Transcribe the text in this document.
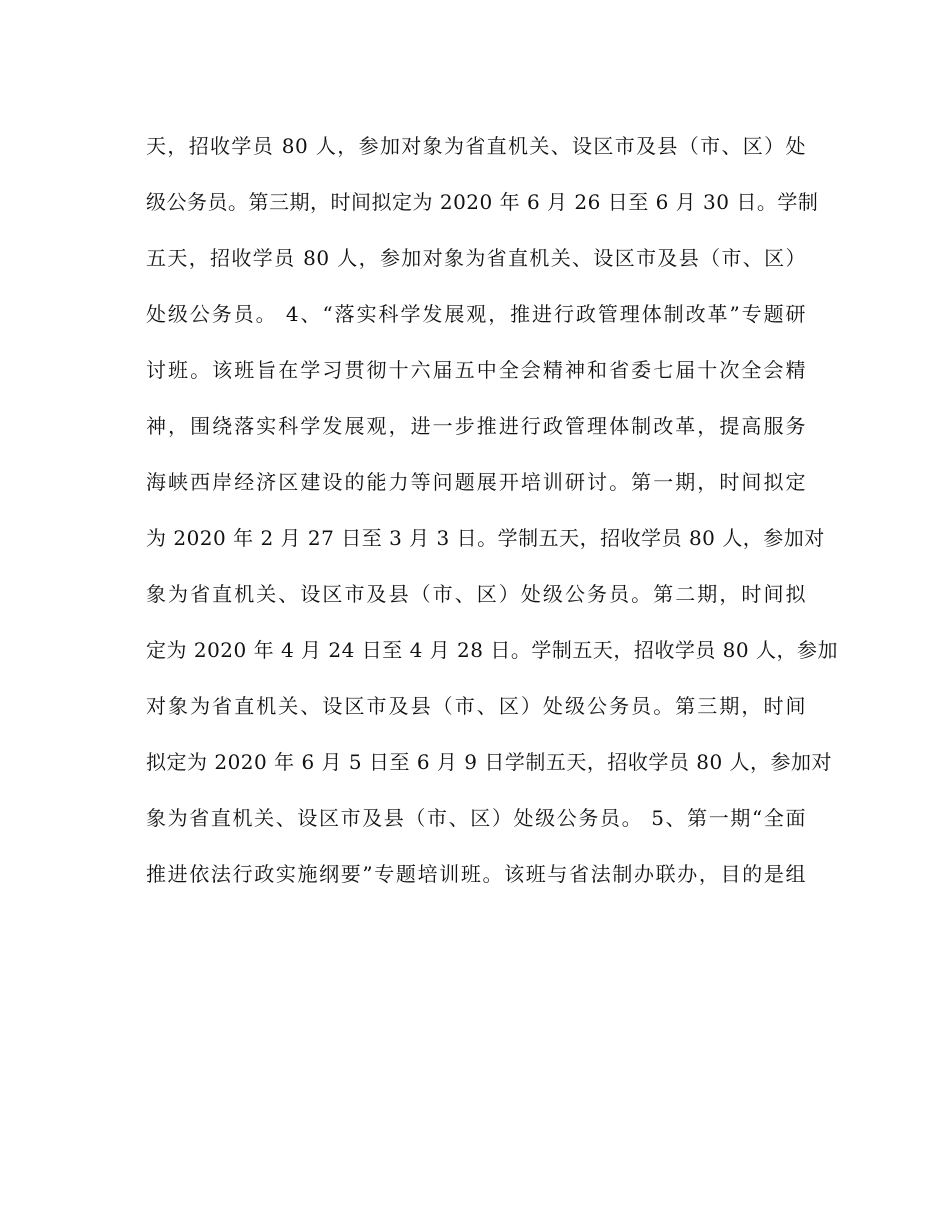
天，招收学员 80 人，参加对象为省直机关、设区市及县（市、区）处
级公务员。第三期，时间拟定为 2020 年 6 月 26 日至 6 月 30 日。学制
五天，招收学员 80 人，参加对象为省直机关、设区市及县（市、区）
处级公务员。 4、“落实科学发展观，推进行政管理体制改革”专题研
讨班。该班旨在学习贯彻十六届五中全会精神和省委七届十次全会精
神，围绕落实科学发展观，进一步推进行政管理体制改革，提高服务
海峡西岸经济区建设的能力等问题展开培训研讨。第一期，时间拟定
为 2020 年 2 月 27 日至 3 月 3 日。学制五天，招收学员 80 人，参加对
象为省直机关、设区市及县（市、区）处级公务员。第二期，时间拟
定为 2020 年 4 月 24 日至 4 月 28 日。学制五天，招收学员 80 人，参加
对象为省直机关、设区市及县（市、区）处级公务员。第三期，时间
拟定为 2020 年 6 月 5 日至 6 月 9 日学制五天，招收学员 80 人，参加对
象为省直机关、设区市及县（市、区）处级公务员。 5、第一期“全面
推进依法行政实施纲要”专题培训班。该班与省法制办联办，目的是组
